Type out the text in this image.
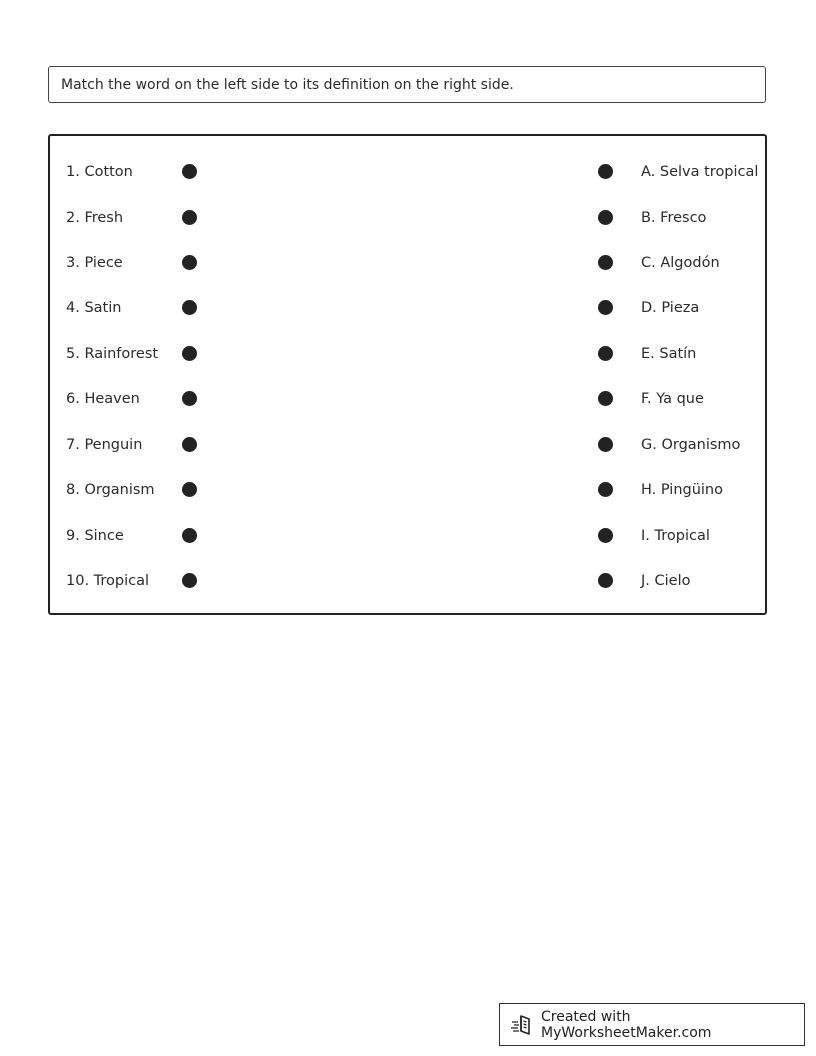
Match the word on the left side to its definition on the right side.
1. Cotton	A. Selva tropical
2. Fresh	B. Fresco
3. Piece	C. Algodón
4. Satin	D. Pieza
5. Rainforest	E. Satín
6. Heaven	F. Ya que
7. Penguin	G. Organismo
8. Organism	H. Pingüino
9. Since	I. Tropical
10. Tropical	J. Cielo
Created with MyWorksheetMaker.com
